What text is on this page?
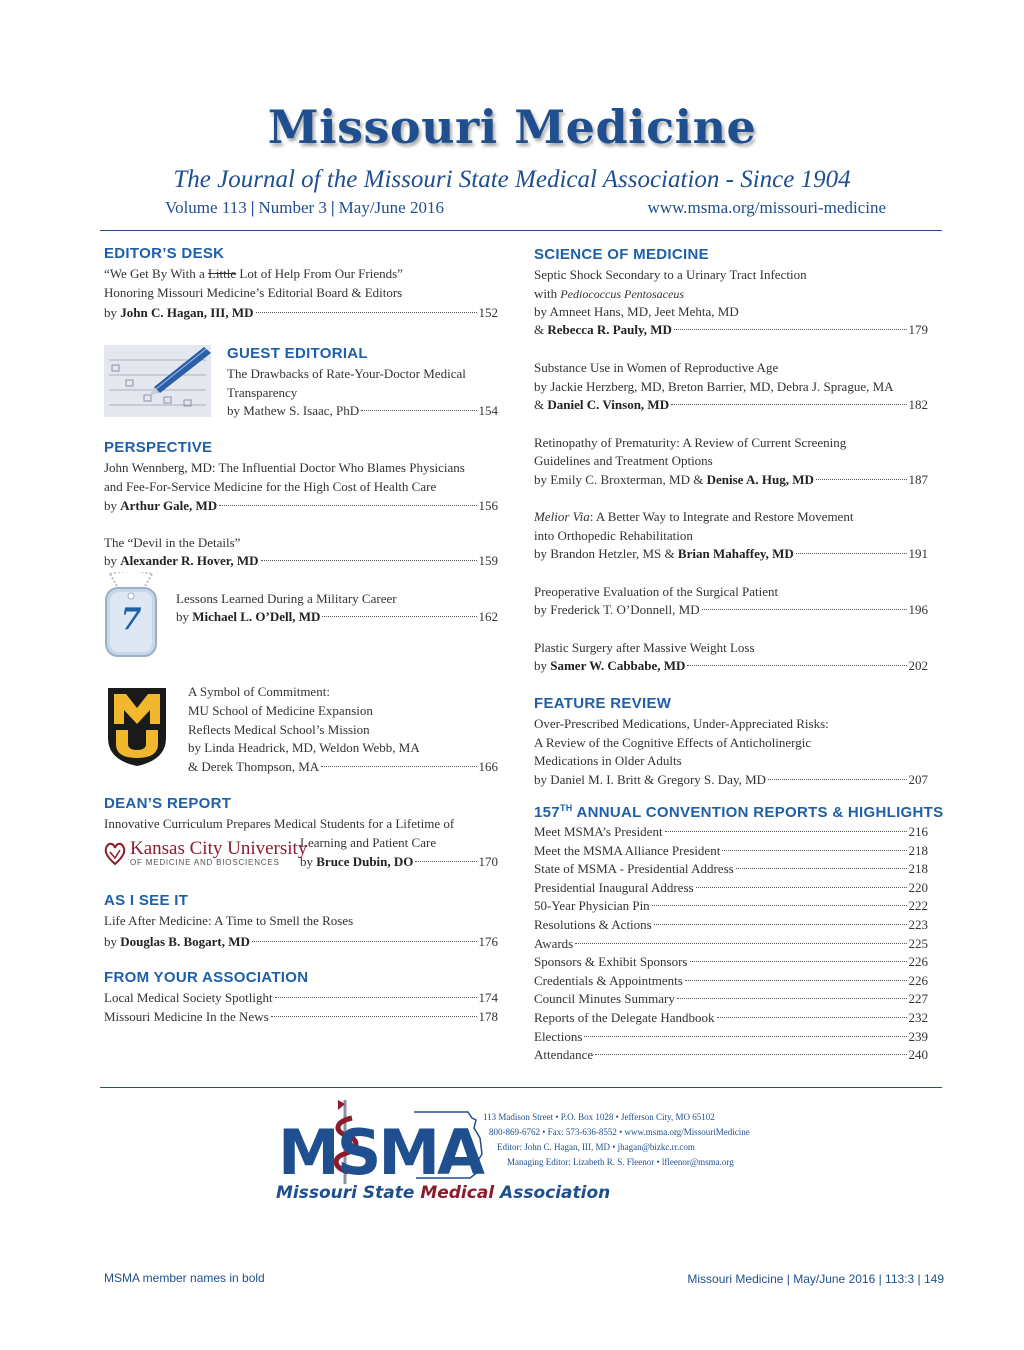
Missouri Medicine
The Journal of the Missouri State Medical Association - Since 1904
Volume 113 | Number 3 | May/June 2016	www.msma.org/missouri-medicine
EDITOR’S DESK
“We Get By With a Little Lot of Help From Our Friends”
Honoring Missouri Medicine’s Editorial Board & Editors
by John C. Hagan, III, MD	152
GUEST EDITORIAL
The Drawbacks of Rate-Your-Doctor Medical
Transparency
by Mathew S. Isaac, PhD	154
PERSPECTIVE
John Wennberg, MD: The Influential Doctor Who Blames Physicians
and Fee-For-Service Medicine for the High Cost of Health Care
by Arthur Gale, MD	156
The “Devil in the Details”
by Alexander R. Hover, MD	159
7
Lessons Learned During a Military Career
by Michael L. O’Dell, MD	162
A Symbol of Commitment:
MU School of Medicine Expansion
Reflects Medical School’s Mission
by Linda Headrick, MD, Weldon Webb, MA
& Derek Thompson, MA	166
DEAN’S REPORT
Innovative Curriculum Prepares Medical Students for a Lifetime of
Learning and Patient Care
by Bruce Dubin, DO	170
Kansas City University
OF MEDICINE AND BIOSCIENCES
AS I SEE IT
Life After Medicine: A Time to Smell the Roses
by Douglas B. Bogart, MD	176
FROM YOUR ASSOCIATION
Local Medical Society Spotlight	174
Missouri Medicine In the News	178
SCIENCE OF MEDICINE
Septic Shock Secondary to a Urinary Tract Infection
with Pediococcus Pentosaceus
by Amneet Hans, MD, Jeet Mehta, MD
& Rebecca R. Pauly, MD	179
Substance Use in Women of Reproductive Age
by Jackie Herzberg, MD, Breton Barrier, MD, Debra J. Sprague, MA
& Daniel C. Vinson, MD	182
Retinopathy of Prematurity: A Review of Current Screening
Guidelines and Treatment Options
by Emily C. Broxterman, MD & Denise A. Hug, MD	187
Melior Via: A Better Way to Integrate and Restore Movement
into Orthopedic Rehabilitation
by Brandon Hetzler, MS & Brian Mahaffey, MD	191
Preoperative Evaluation of the Surgical Patient
by Frederick T. O’Donnell, MD	196
Plastic Surgery after Massive Weight Loss
by Samer W. Cabbabe, MD	202
FEATURE REVIEW
Over-Prescribed Medications, Under-Appreciated Risks:
A Review of the Cognitive Effects of Anticholinergic
Medications in Older Adults
by Daniel M. I. Britt & Gregory S. Day, MD	207
157TH ANNUAL CONVENTION REPORTS & HIGHLIGHTS
Meet MSMA’s President	216
Meet the MSMA Alliance President	218
State of MSMA - Presidential Address	218
Presidential Inaugural Address	220
50-Year Physician Pin	222
Resolutions & Actions	223
Awards	225
Sponsors & Exhibit Sponsors	226
Credentials & Appointments	226
Council Minutes Summary	227
Reports of the Delegate Handbook	232
Elections	239
Attendance	240
MSMA
Missouri State Medical Association
113 Madison Street • P.O. Box 1028 • Jefferson City, MO 65102
800-869-6762 • Fax: 573-636-8552 • www.msma.org/MissouriMedicine
Editor: John C. Hagan, III, MD • jhagan@bizkc.rr.com
Managing Editor: Lizabeth R. S. Fleenor • lfleenor@msma.org
MSMA member names in bold	Missouri Medicine | May/June 2016 | 113:3 | 149
